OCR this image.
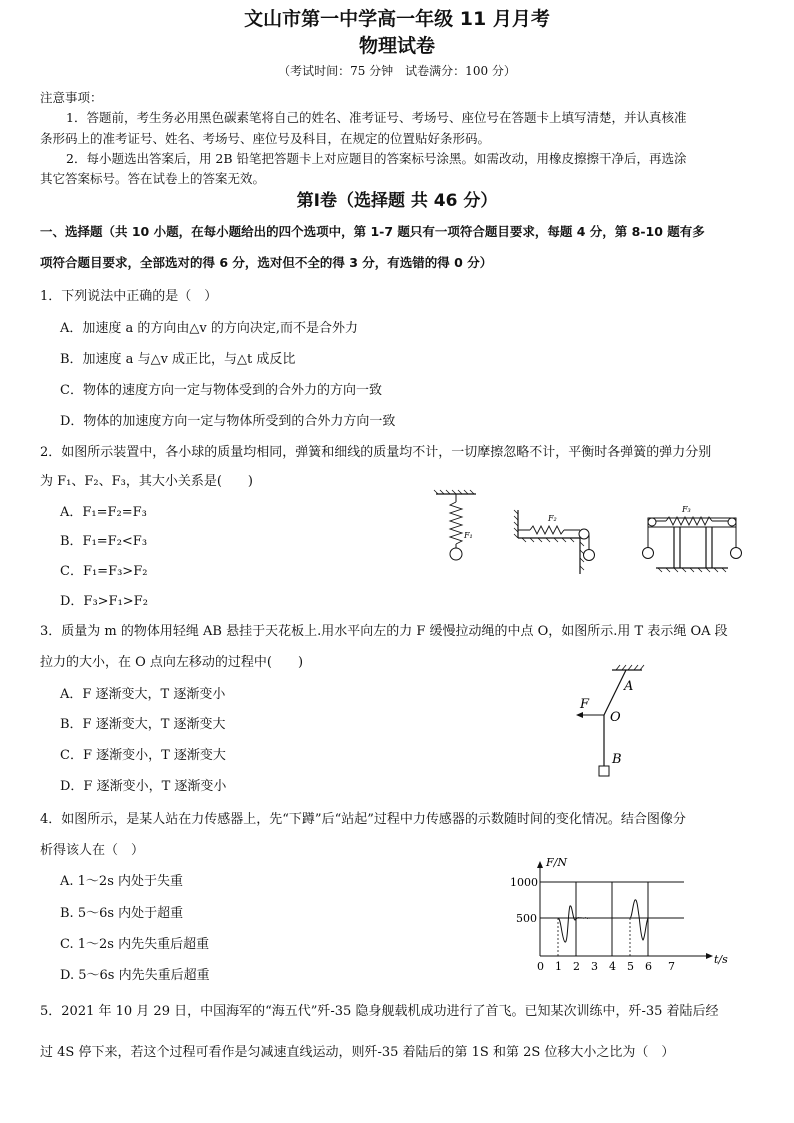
文山市第一中学高一年级 11 月月考
物理试卷
（考试时间：75 分钟　试卷满分：100 分）
注意事项：
1．答题前，考生务必用黑色碳素笔将自己的姓名、准考证号、考场号、座位号在答题卡上填写清楚，并认真核准
条形码上的准考证号、姓名、考场号、座位号及科目，在规定的位置贴好条形码。
2．每小题选出答案后，用 2B 铅笔把答题卡上对应题目的答案标号涂黑。如需改动，用橡皮擦擦干净后，再选涂
其它答案标号。答在试卷上的答案无效。
第Ⅰ卷（选择题 共 46 分）
一、选择题（共 10 小题，在每小题给出的四个选项中，第 1-7 题只有一项符合题目要求，每题 4 分，第 8-10 题有多
项符合题目要求，全部选对的得 6 分，选对但不全的得 3 分，有选错的得 0 分）
1．下列说法中正确的是（　）
A．加速度 a 的方向由△v 的方向决定,而不是合外力
B．加速度 a 与△v 成正比，与△t 成反比
C．物体的速度方向一定与物体受到的合外力的方向一致
D．物体的加速度方向一定与物体所受到的合外力方向一致
2．如图所示装置中，各小球的质量均相同，弹簧和细线的质量均不计，一切摩擦忽略不计，平衡时各弹簧的弹力分别
为 F₁、F₂、F₃，其大小关系是(　　)
A．F₁=F₂=F₃
B．F₁=F₂<F₃
C．F₁=F₃>F₂
D．F₃>F₁>F₂
F₁
F₂
F₃
3．质量为 m 的物体用轻绳 AB 悬挂于天花板上.用水平向左的力 F 缓慢拉动绳的中点 O，如图所示.用 T 表示绳 OA 段
拉力的大小，在 O 点向左移动的过程中(　　)
A．F 逐渐变大，T 逐渐变小
B．F 逐渐变大，T 逐渐变大
C．F 逐渐变小，T 逐渐变大
D．F 逐渐变小，T 逐渐变小
A
O
B
F
4．如图所示，是某人站在力传感器上，先“下蹲”后“站起”过程中力传感器的示数随时间的变化情况。结合图像分
析得该人在（　）
A. 1～2s 内处于失重
B. 5～6s 内处于超重
C. 1～2s 内先失重后超重
D. 5～6s 内先失重后超重
F/N
t/s
1000
500
0 1 2 3 4 5 6 7
5．2021 年 10 月 29 日，中国海军的“海五代”歼-35 隐身舰载机成功进行了首飞。已知某次训练中，歼-35 着陆后经
过 4S 停下来，若这个过程可看作是匀减速直线运动，则歼-35 着陆后的第 1S 和第 2S 位移大小之比为（　）
